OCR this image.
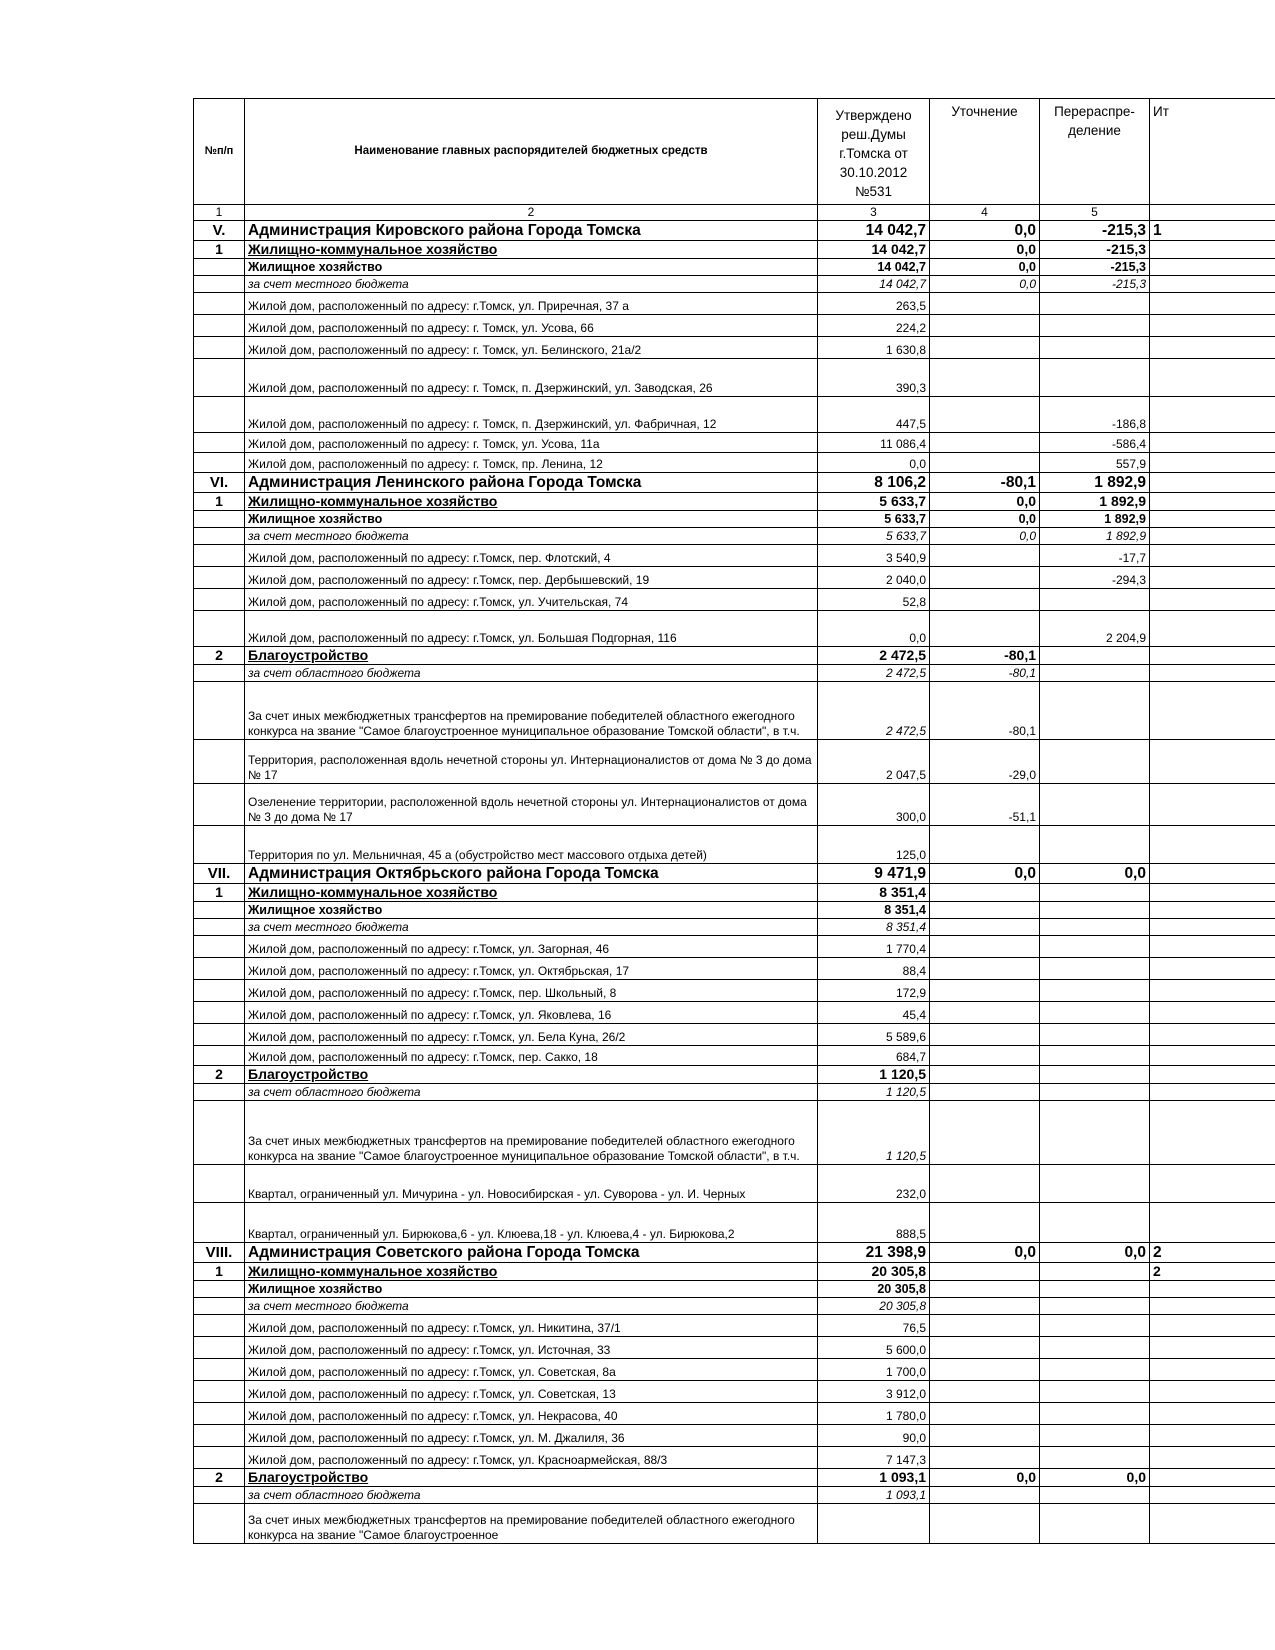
№п/п	Наименование главных распорядителей бюджетных средств	Утверждено реш.Думы г.Томска от 30.10.2012 №531	Уточнение	Перераспре-деление	Ит
1	2	3	4	5	
V.	Администрация Кировского района Города Томска	14 042,7	0,0	-215,3	1
1	Жилищно-коммунальное хозяйство	14 042,7	0,0	-215,3	
	Жилищное хозяйство	14 042,7	0,0	-215,3	
	за счет местного бюджета	14 042,7	0,0	-215,3	
	Жилой дом, расположенный по адресу: г.Томск, ул. Приречная, 37 а	263,5			
	Жилой дом, расположенный по адресу: г. Томск, ул. Усова, 66	224,2			
	Жилой дом, расположенный по адресу: г. Томск, ул. Белинского, 21а/2	1 630,8			
	Жилой дом, расположенный по адресу: г. Томск, п. Дзержинский, ул. Заводская, 26	390,3			
	Жилой дом, расположенный по адресу: г. Томск, п. Дзержинский, ул. Фабричная, 12	447,5		-186,8	
	Жилой дом, расположенный по адресу: г. Томск, ул. Усова, 11а	11 086,4		-586,4	
	Жилой дом, расположенный по адресу: г. Томск, пр. Ленина, 12	0,0		557,9	
VI.	Администрация Ленинского района Города Томска	8 106,2	-80,1	1 892,9	
1	Жилищно-коммунальное хозяйство	5 633,7	0,0	1 892,9	
	Жилищное хозяйство	5 633,7	0,0	1 892,9	
	за счет местного бюджета	5 633,7	0,0	1 892,9	
	Жилой дом, расположенный по адресу: г.Томск, пер. Флотский, 4	3 540,9		-17,7	
	Жилой дом, расположенный по адресу: г.Томск, пер. Дербышевский, 19	2 040,0		-294,3	
	Жилой дом, расположенный по адресу: г.Томск, ул. Учительская, 74	52,8			
	Жилой дом, расположенный по адресу: г.Томск, ул. Большая Подгорная, 116	0,0		2 204,9	
2	Благоустройство	2 472,5	-80,1		
	за счет областного бюджета	2 472,5	-80,1		
	За счет иных межбюджетных трансфертов на премирование победителей областного ежегодного конкурса на звание "Самое благоустроенное муниципальное образование Томской области", в т.ч.	2 472,5	-80,1		
	Территория, расположенная вдоль нечетной стороны ул. Интернационалистов от дома № 3 до дома № 17	2 047,5	-29,0		
	Озеленение территории, расположенной вдоль нечетной стороны ул. Интернационалистов от дома № 3 до дома № 17	300,0	-51,1		
	Территория по ул. Мельничная, 45 а (обустройство мест массового отдыха детей)	125,0			
VII.	Администрация Октябрьского района Города Томска	9 471,9	0,0	0,0	
1	Жилищно-коммунальное хозяйство	8 351,4			
	Жилищное хозяйство	8 351,4			
	за счет местного бюджета	8 351,4			
	Жилой дом, расположенный по адресу: г.Томск, ул. Загорная, 46	1 770,4			
	Жилой дом, расположенный по адресу: г.Томск, ул. Октябрьская, 17	88,4			
	Жилой дом, расположенный по адресу: г.Томск, пер. Школьный, 8	172,9			
	Жилой дом, расположенный по адресу: г.Томск, ул. Яковлева, 16	45,4			
	Жилой дом, расположенный по адресу: г.Томск, ул. Бела Куна, 26/2	5 589,6			
	Жилой дом, расположенный по адресу: г.Томск, пер. Сакко, 18	684,7			
2	Благоустройство	1 120,5			
	за счет областного бюджета	1 120,5			
	За счет иных межбюджетных трансфертов на премирование победителей областного ежегодного конкурса на звание "Самое благоустроенное муниципальное образование Томской области", в т.ч.	1 120,5			
	Квартал, ограниченный ул. Мичурина - ул. Новосибирская - ул. Суворова - ул. И. Черных	232,0			
	Квартал, ограниченный ул. Бирюкова,6 - ул. Клюева,18 - ул. Клюева,4 - ул. Бирюкова,2	888,5			
VIII.	Администрация Советского района Города Томска	21 398,9	0,0	0,0	2
1	Жилищно-коммунальное хозяйство	20 305,8			2
	Жилищное хозяйство	20 305,8			
	за счет местного бюджета	20 305,8			
	Жилой дом, расположенный по адресу: г.Томск, ул. Никитина, 37/1	76,5			
	Жилой дом, расположенный по адресу: г.Томск, ул. Источная, 33	5 600,0			
	Жилой дом, расположенный по адресу: г.Томск, ул. Советская, 8а	1 700,0			
	Жилой дом, расположенный по адресу: г.Томск, ул. Советская, 13	3 912,0			
	Жилой дом, расположенный по адресу: г.Томск, ул. Некрасова, 40	1 780,0			
	Жилой дом, расположенный по адресу: г.Томск, ул. М. Джалиля, 36	90,0			
	Жилой дом, расположенный по адресу: г.Томск, ул. Красноармейская, 88/3	7 147,3			
2	Благоустройство	1 093,1	0,0	0,0	
	за счет областного бюджета	1 093,1			
	За счет иных межбюджетных трансфертов на премирование победителей областного ежегодного конкурса на звание "Самое благоустроенное				
